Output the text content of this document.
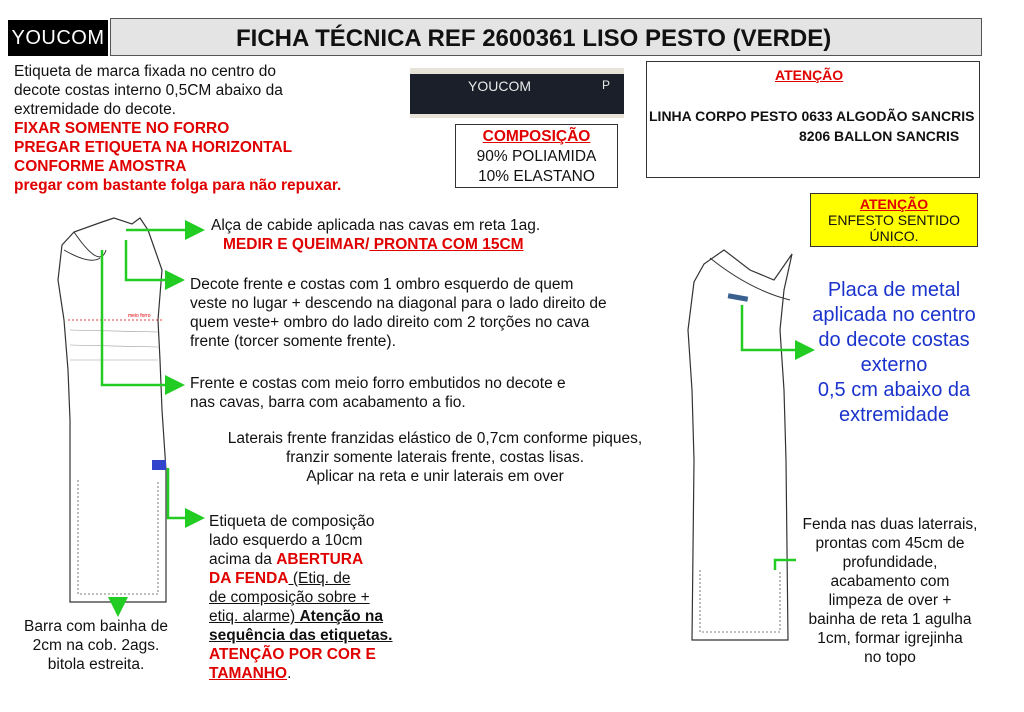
YOUCOM	FICHA TÉCNICA REF 2600361 LISO PESTO (VERDE)
Etiqueta de marca fixada no centro do
decote costas interno 0,5CM abaixo da
extremidade do decote.
FIXAR SOMENTE NO FORRO
PREGAR ETIQUETA NA HORIZONTAL
CONFORME AMOSTRA
pregar com bastante folga para não repuxar.
YOUCOM	P
COMPOSIÇÃO
90% POLIAMIDA
10% ELASTANO
ATENÇÃO
LINHA CORPO PESTO 0633 ALGODÃO SANCRIS
8206 BALLON SANCRIS
ATENÇÃO
ENFESTO SENTIDO
ÚNICO.
meio forro
Alça de cabide aplicada nas cavas em reta 1ag.
MEDIR E QUEIMAR/ PRONTA COM 15CM
Decote frente e costas com 1 ombro esquerdo de quem
veste no lugar + descendo na diagonal para o lado direito de
quem veste+ ombro do lado direito com 2 torções no cava
frente (torcer somente frente).
Frente e costas com meio forro embutidos no decote e
nas cavas, barra com acabamento a fio.
Laterais frente franzidas elástico de 0,7cm conforme piques,
franzir somente laterais frente, costas lisas.
Aplicar na reta e unir laterais em over
Etiqueta de composição
lado esquerdo a 10cm
acima da ABERTURA
DA FENDA (Etiq. de
de composição sobre +
etiq. alarme) Atenção na
sequência das etiquetas.
ATENÇÃO POR COR E
TAMANHO.
Barra com bainha de
2cm na cob. 2ags.
bitola estreita.
Placa de metal
aplicada no centro
do decote costas
externo
0,5 cm abaixo da
extremidade
Fenda nas duas laterrais,
prontas com 45cm de
profundidade,
acabamento com
limpeza de over +
bainha de reta 1 agulha
1cm, formar igrejinha
no topo
